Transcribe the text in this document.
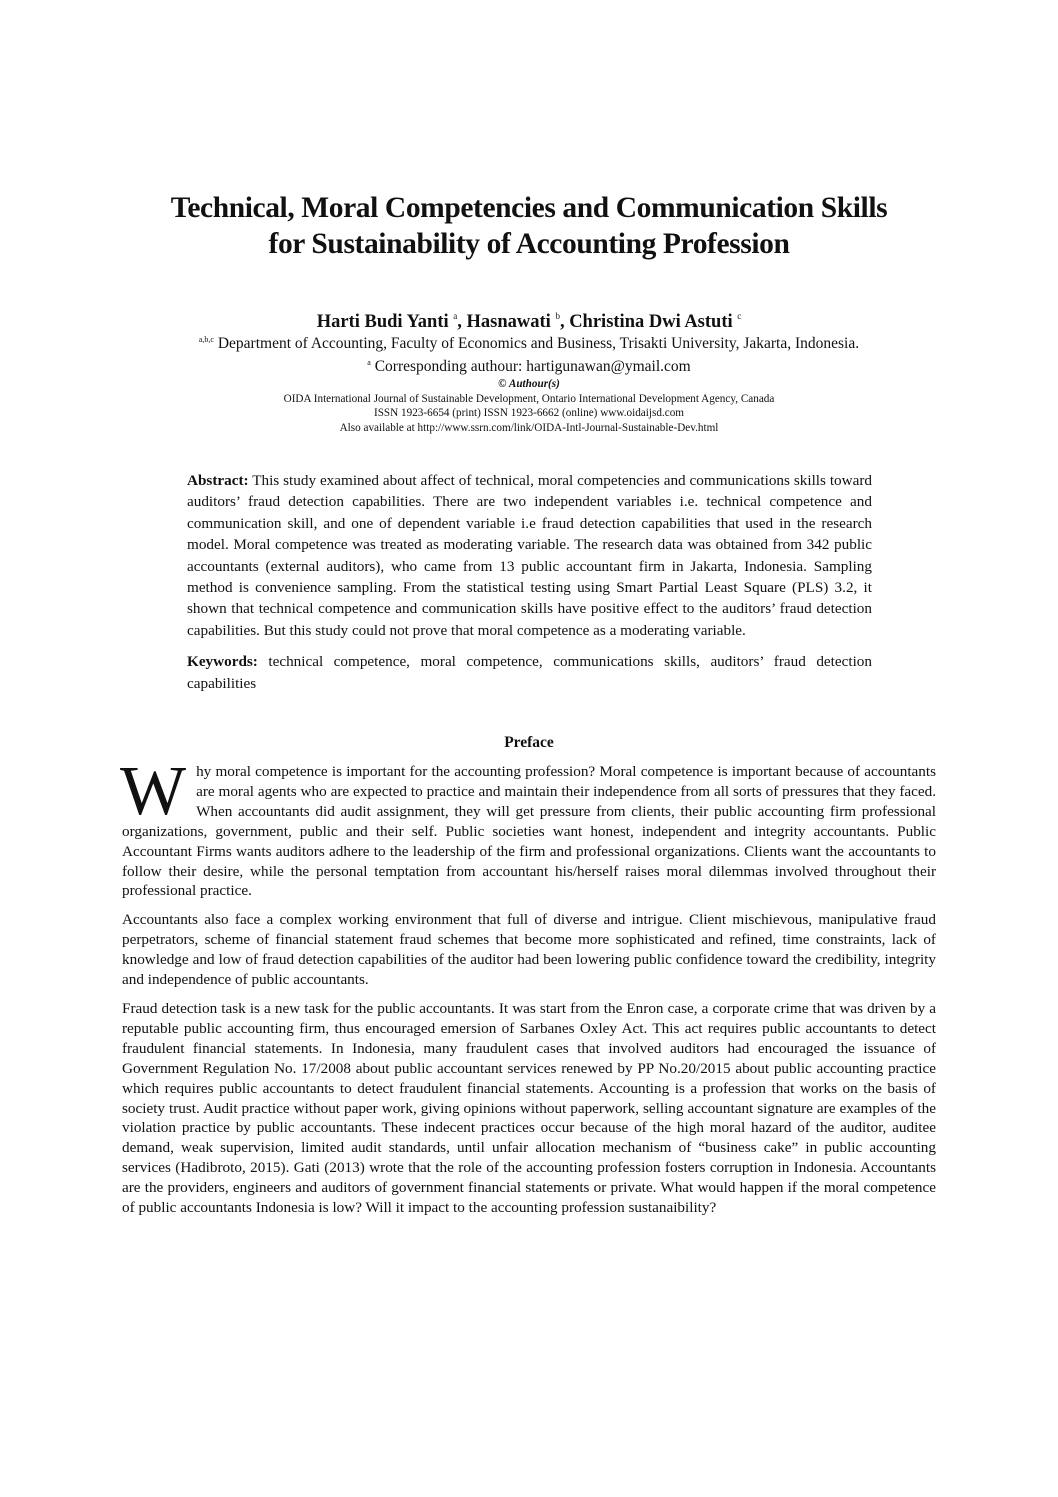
Technical, Moral Competencies and Communication Skills
for Sustainability of Accounting Profession
Harti Budi Yanti $^a$, Hasnawati $^b$, Christina Dwi Astuti $^c$
$^{a,b,c}$ Department of Accounting, Faculty of Economics and Business, Trisakti University, Jakarta, Indonesia.
$^a$ Corresponding authour: hartigunawan@ymail.com
© Authour(s)
OIDA International Journal of Sustainable Development, Ontario International Development Agency, Canada
ISSN 1923-6654 (print) ISSN 1923-6662 (online) www.oidaijsd.com
Also available at http://www.ssrn.com/link/OIDA-Intl-Journal-Sustainable-Dev.html

Abstract: This study examined about affect of technical, moral competencies and communications skills toward auditors’ fraud detection capabilities. There are two independent variables i.e. technical competence and communication skill, and one of dependent variable i.e fraud detection capabilities that used in the research model. Moral competence was treated as moderating variable. The research data was obtained from 342 public accountants (external auditors), who came from 13 public accountant firm in Jakarta, Indonesia. Sampling method is convenience sampling. From the statistical testing using Smart Partial Least Square (PLS) 3.2, it shown that technical competence and communication skills have positive effect to the auditors’ fraud detection capabilities. But this study could not prove that moral competence as a moderating variable.

Keywords: technical competence, moral competence, communications skills, auditors’ fraud detection capabilities

Preface

Why moral competence is important for the accounting profession? Moral competence is important because of accountants are moral agents who are expected to practice and maintain their independence from all sorts of pressures that they faced. When accountants did audit assignment, they will get pressure from clients, their public accounting firm professional organizations, government, public and their self. Public societies want honest, independent and integrity accountants. Public Accountant Firms wants auditors adhere to the leadership of the firm and professional organizations. Clients want the accountants to follow their desire, while the personal temptation from accountant his/herself raises moral dilemmas involved throughout their professional practice.

Accountants also face a complex working environment that full of diverse and intrigue. Client mischievous, manipulative fraud perpetrators, scheme of financial statement fraud schemes that become more sophisticated and refined, time constraints, lack of knowledge and low of fraud detection capabilities of the auditor had been lowering public confidence toward the credibility, integrity and independence of public accountants.

Fraud detection task is a new task for the public accountants. It was start from the Enron case, a corporate crime that was driven by a reputable public accounting firm, thus encouraged emersion of Sarbanes Oxley Act. This act requires public accountants to detect fraudulent financial statements. In Indonesia, many fraudulent cases that involved auditors had encouraged the issuance of Government Regulation No. 17/2008 about public accountant services renewed by PP No.20/2015 about public accounting practice which requires public accountants to detect fraudulent financial statements. Accounting is a profession that works on the basis of society trust. Audit practice without paper work, giving opinions without paperwork, selling accountant signature are examples of the violation practice by public accountants. These indecent practices occur because of the high moral hazard of the auditor, auditee demand, weak supervision, limited audit standards, until unfair allocation mechanism of “business cake” in public accounting services (Hadibroto, 2015). Gati (2013) wrote that the role of the accounting profession fosters corruption in Indonesia. Accountants are the providers, engineers and auditors of government financial statements or private. What would happen if the moral competence of public accountants Indonesia is low? Will it impact to the accounting profession sustanaibility?
